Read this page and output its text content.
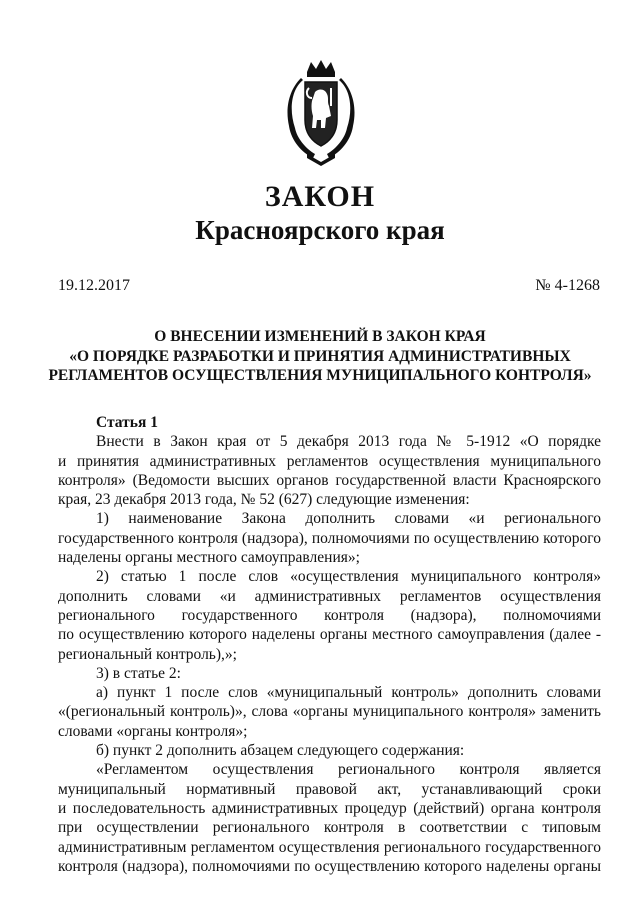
ЗАКОН
Красноярского края
19.12.2017	№ 4-1268
О ВНЕСЕНИИ ИЗМЕНЕНИЙ В ЗАКОН КРАЯ
«О ПОРЯДКЕ РАЗРАБОТКИ И ПРИНЯТИЯ АДМИНИСТРАТИВНЫХ
РЕГЛАМЕНТОВ ОСУЩЕСТВЛЕНИЯ МУНИЦИПАЛЬНОГО КОНТРОЛЯ»
Статья 1
Внести в Закон края от 5 декабря 2013 года № 5-1912 «О порядке
и принятия административных регламентов осуществления муниципального
контроля» (Ведомости высших органов государственной власти Красноярского
края, 23 декабря 2013 года, № 52 (627) следующие изменения:
1) наименование Закона дополнить словами «и регионального
государственного контроля (надзора), полномочиями по осуществлению которого
наделены органы местного самоуправления»;
2) статью 1 после слов «осуществления муниципального контроля»
дополнить словами «и административных регламентов осуществления
регионального государственного контроля (надзора), полномочиями
по осуществлению которого наделены органы местного самоуправления (далее -
региональный контроль),»;
3) в статье 2:
а) пункт 1 после слов «муниципальный контроль» дополнить словами
«(региональный контроль)», слова «органы муниципального контроля» заменить
словами «органы контроля»;
б) пункт 2 дополнить абзацем следующего содержания:
«Регламентом осуществления регионального контроля является
муниципальный нормативный правовой акт, устанавливающий сроки
и последовательность административных процедур (действий) органа контроля
при осуществлении регионального контроля в соответствии с типовым
административным регламентом осуществления регионального государственного
контроля (надзора), полномочиями по осуществлению которого наделены органы
